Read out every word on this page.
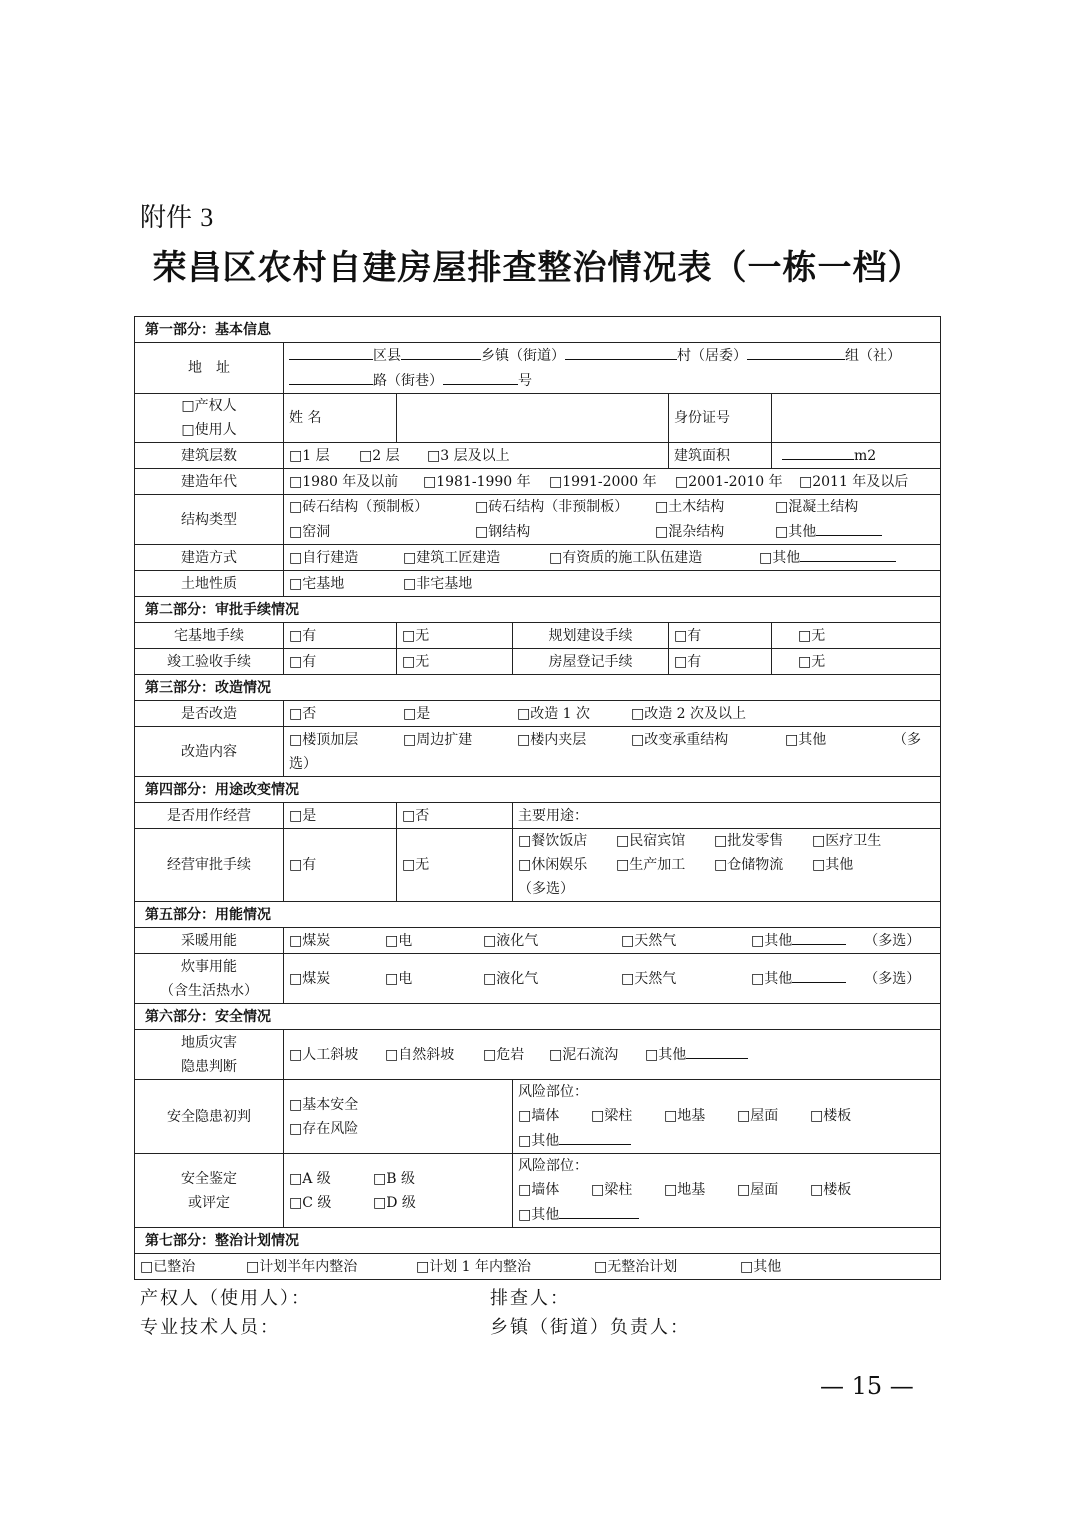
附件 3
荣昌区农村自建房屋排查整治情况表（一栋一档）
第一部分：基本信息					
地　址	区县 乡镇（街道） 村（居委） 组（社）
路（街巷） 号				
□产权人
□使用人	姓 名			身份证号	
建筑层数	□1 层 □2 层 □3 层及以上			建筑面积	m2
建造年代	□1980 年及以前 □1981-1990 年 □1991-2000 年 □2001-2010 年 □2011 年及以后				
结构类型	□砖石结构（预制板） □砖石结构（非预制板） □土木结构 □混凝土结构
□窑洞 □钢结构 □混杂结构 □其他				
建造方式	□自行建造 □建筑工匠建造 □有资质的施工队伍建造 □其他				
土地性质	□宅基地 □非宅基地				
第二部分：审批手续情况					
宅基地手续	□有	□无	规划建设手续	□有	□无
竣工验收手续	□有	□无	房屋登记手续	□有	□无
第三部分：改造情况					
是否改造	□否 □是 □改造 1 次 □改造 2 次及以上				
改造内容	□楼顶加层 □周边扩建 □楼内夹层 □改变承重结构 □其他 （多
选）				
第四部分：用途改变情况					
是否用作经营	□是	□否	主要用途：		
经营审批手续	□有	□无	□餐饮饭店 □民宿宾馆 □批发零售 □医疗卫生
□休闲娱乐 □生产加工 □仓储物流 □其他
（多选）		
第五部分：用能情况					
采暖用能	□煤炭 □电 □液化气 □天然气 □其他 （多选）				
炊事用能
（含生活热水）	□煤炭 □电 □液化气 □天然气 □其他 （多选）				
第六部分：安全情况					
地质灾害
隐患判断	□人工斜坡 □自然斜坡 □危岩 □泥石流沟 □其他				
安全隐患初判	□基本安全
□存在风险		风险部位：
□墙体 □梁柱 □地基 □屋面 □楼板
□其他		
安全鉴定
或评定	□A 级 □B 级
□C 级 □D 级		风险部位：
□墙体 □梁柱 □地基 □屋面 □楼板
□其他		
第七部分：整治计划情况					
□已整治 □计划半年内整治 □计划 1 年内整治 □无整治计划 □其他					
产权人（使用人）：	排查人：
专业技术人员：	乡镇（街道）负责人：
— 15 —
